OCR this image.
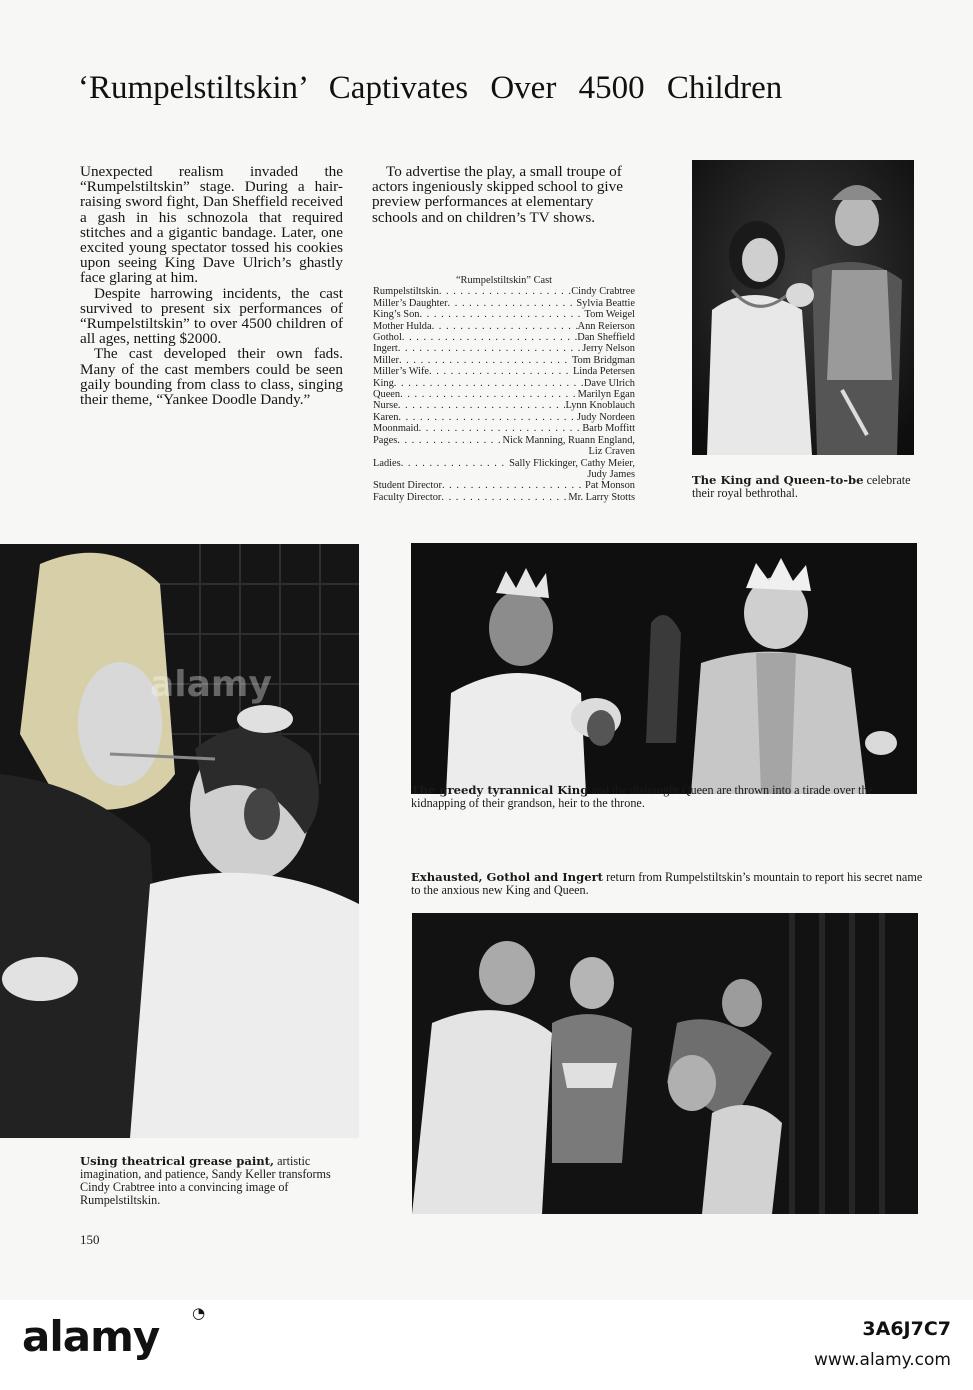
‘Rumpelstiltskin’ Captivates Over 4500 Children

Unexpected realism invaded the “Rumpelstiltskin” stage. During a hair-raising sword fight, Dan Sheffield received a gash in his schnozola that required stitches and a gigantic bandage. Later, one excited young spectator tossed his cookies upon seeing King Dave Ulrich’s ghastly face glaring at him.

Despite harrowing incidents, the cast survived to present six performances of “Rumpelstiltskin” to over 4500 children of all ages, netting $2000.

The cast developed their own fads. Many of the cast members could be seen gaily bounding from class to class, singing their theme, “Yankee Doodle Dandy.”

To advertise the play, a small troupe of actors ingeniously skipped school to give preview performances at elementary schools and on children’s TV shows.

“Rumpelstiltskin” Cast
Rumpelstiltskin . . .	Cindy Crabtree
Miller’s Daughter . . .	Sylvia Beattie
King’s Son . . .	Tom Weigel
Mother Hulda . . .	Ann Reierson
Gothol . . .	Dan Sheffield
Ingert . . .	Jerry Nelson
Miller . . .	Tom Bridgman
Miller’s Wife . . .	Linda Petersen
King . . .	Dave Ulrich
Queen . . .	Marilyn Egan
Nurse . . .	Lynn Knoblauch
Karen . . .	Judy Nordeen
Moonmaid . . .	Barb Moffitt
Pages . . .	Nick Manning, Ruann England,
Liz Craven
Ladies . . .	Sally Flickinger, Cathy Meier,
Judy James
Student Director . . .	Pat Monson
Faculty Director . . .	Mr. Larry Stotts
alamy
The King and Queen-to-be celebrate their royal bethrothal.
Using theatrical grease paint, artistic imagination, and patience, Sandy Keller transforms Cindy Crabtree into a convincing image of Rumpelstiltskin.
The greedy tyrannical King and the distraught Queen are thrown into a tirade over the kidnapping of their grandson, heir to the throne.
Exhausted, Gothol and Ingert return from Rumpelstiltskin’s mountain to report his secret name to the anxious new King and Queen.
150
alamy ◔
3A6J7C7
www.alamy.com
